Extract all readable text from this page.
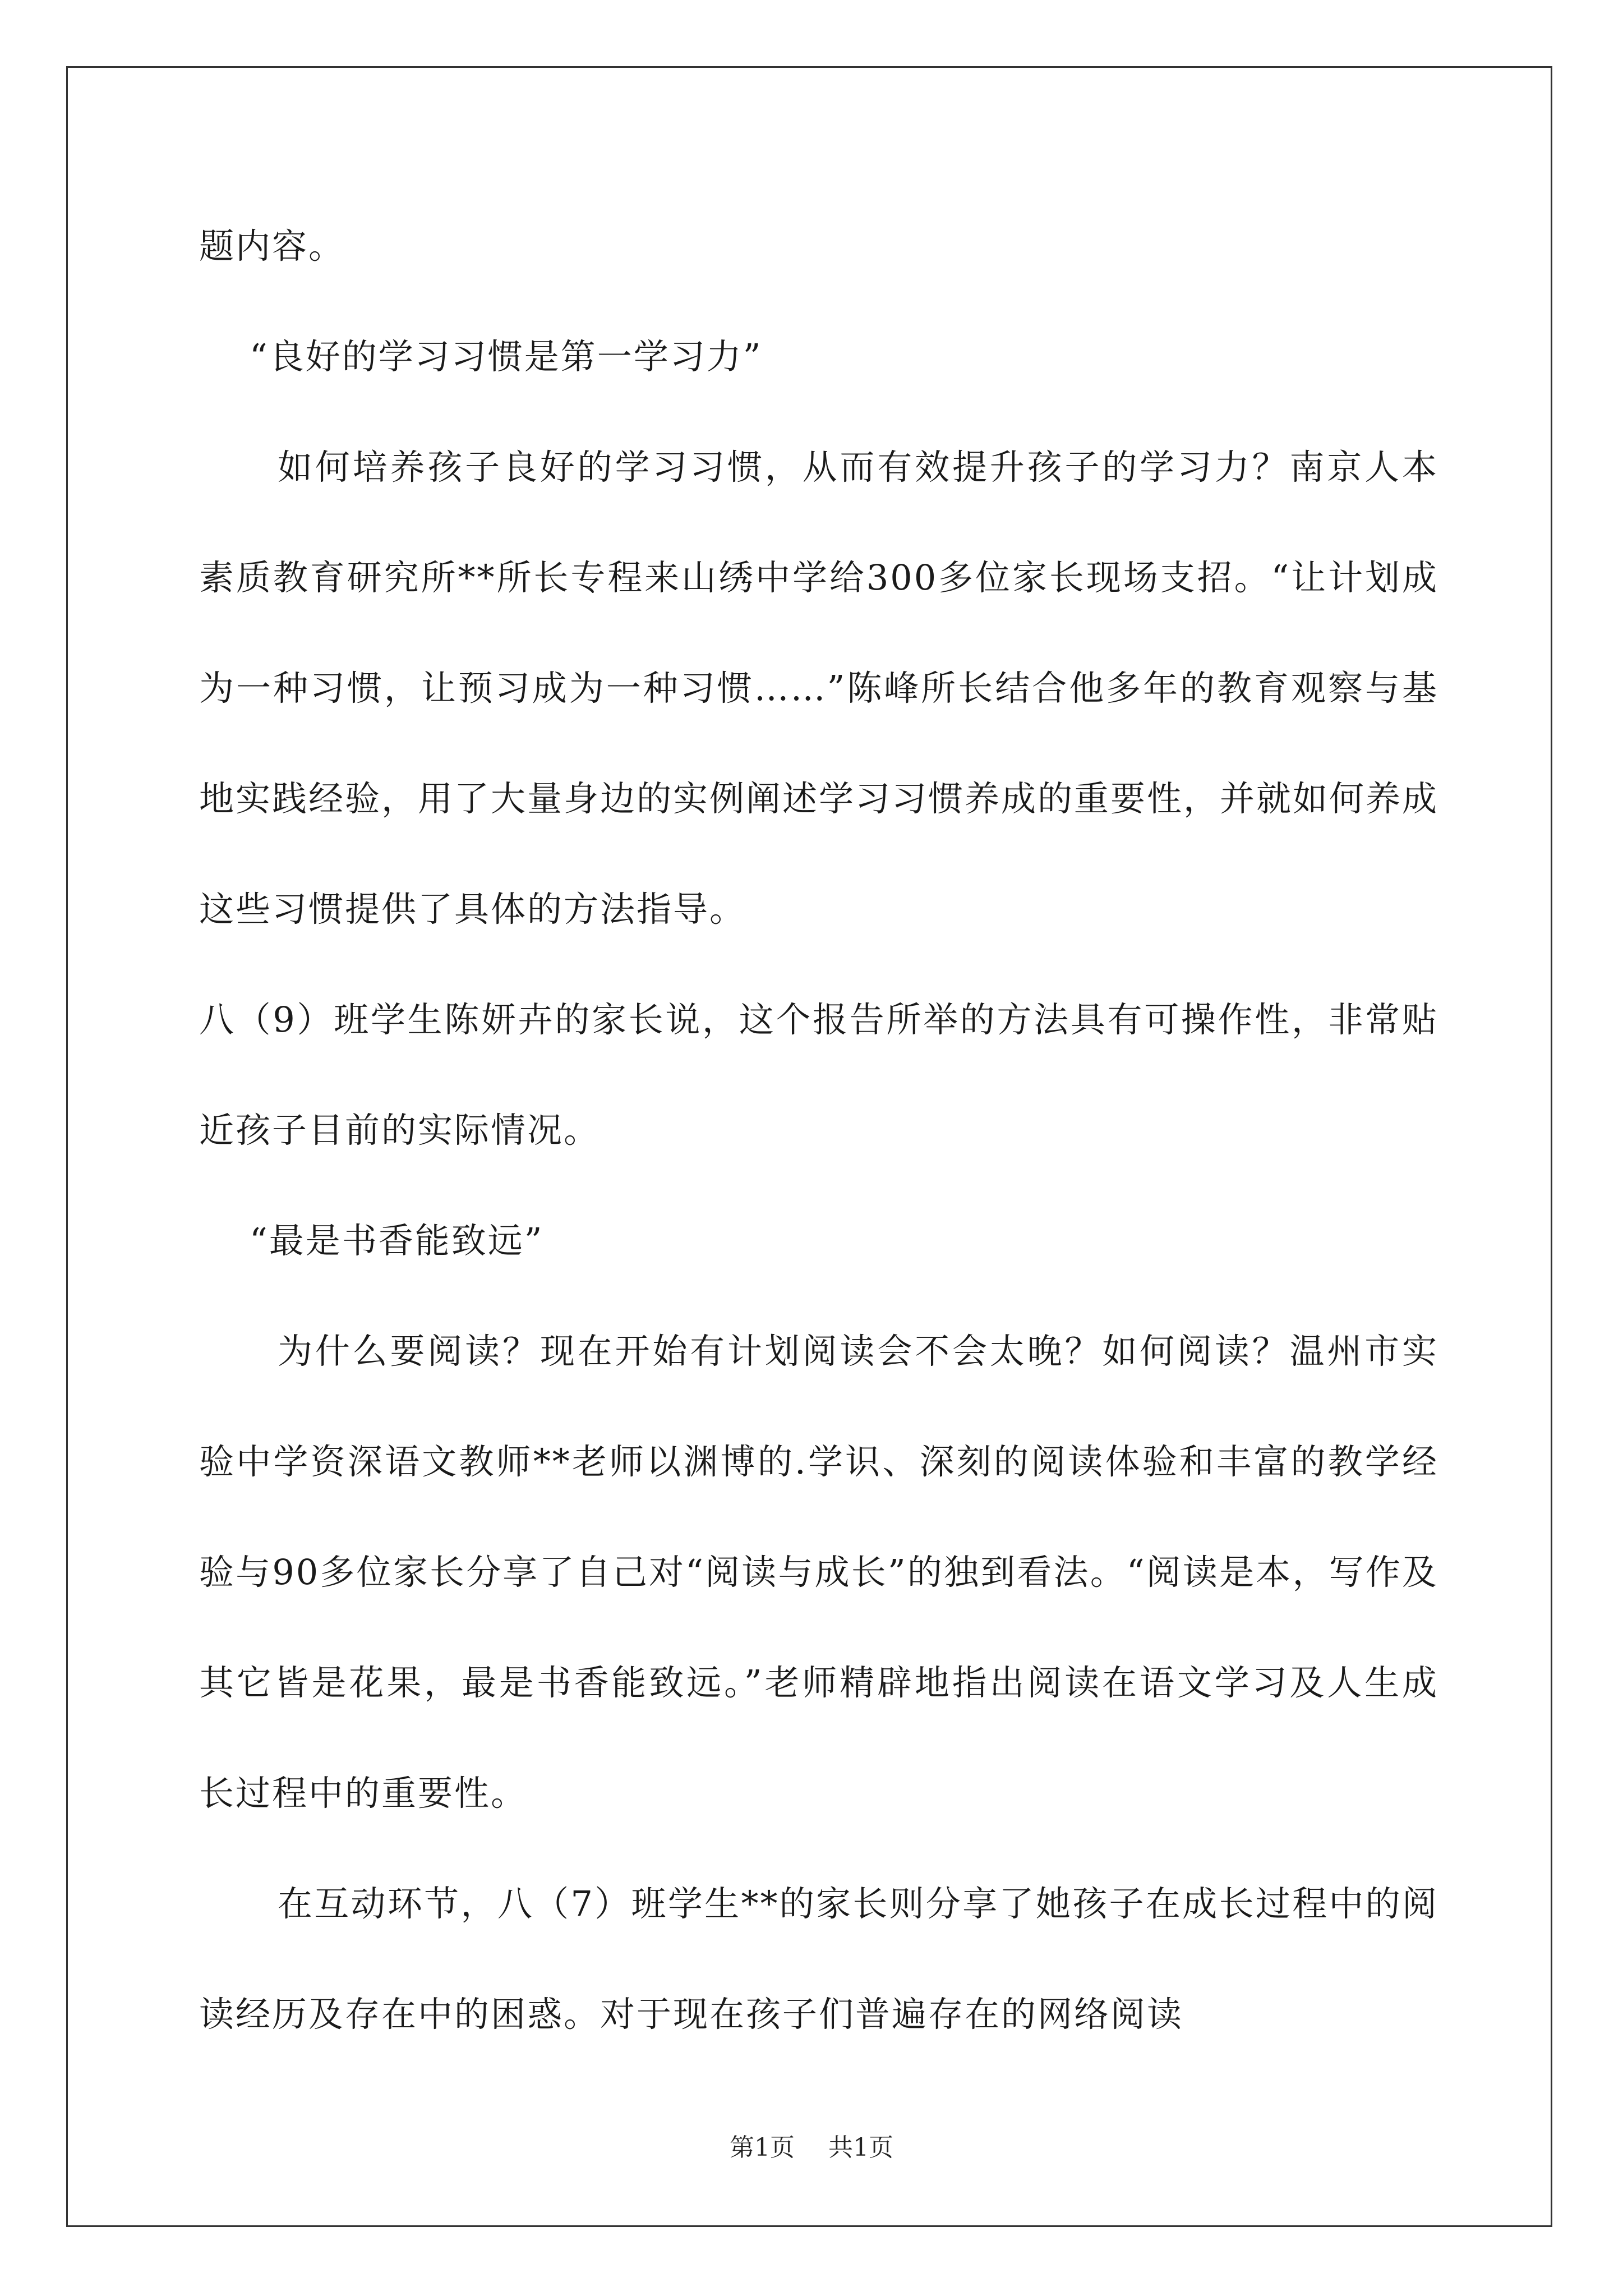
题内容。

“良好的学习习惯是第一学习力”

如何培养孩子良好的学习习惯，从而有效提升孩子的学习力？南京人本素质教育研究所**所长专程来山绣中学给300多位家长现场支招。“让计划成为一种习惯，让预习成为一种习惯……”陈峰所长结合他多年的教育观察与基地实践经验，用了大量身边的实例阐述学习习惯养成的重要性，并就如何养成这些习惯提供了具体的方法指导。

八（9）班学生陈妍卉的家长说，这个报告所举的方法具有可操作性，非常贴近孩子目前的实际情况。

“最是书香能致远”

为什么要阅读？现在开始有计划阅读会不会太晚？如何阅读？温州市实验中学资深语文教师**老师以渊博的.学识、深刻的阅读体验和丰富的教学经验与90多位家长分享了自己对“阅读与成长”的独到看法。“阅读是本，写作及其它皆是花果，最是书香能致远。”老师精辟地指出阅读在语文学习及人生成长过程中的重要性。

在互动环节，八（7）班学生**的家长则分享了她孩子在成长过程中的阅读经历及存在中的困惑。对于现在孩子们普遍存在的网络阅读

第1页 共1页
